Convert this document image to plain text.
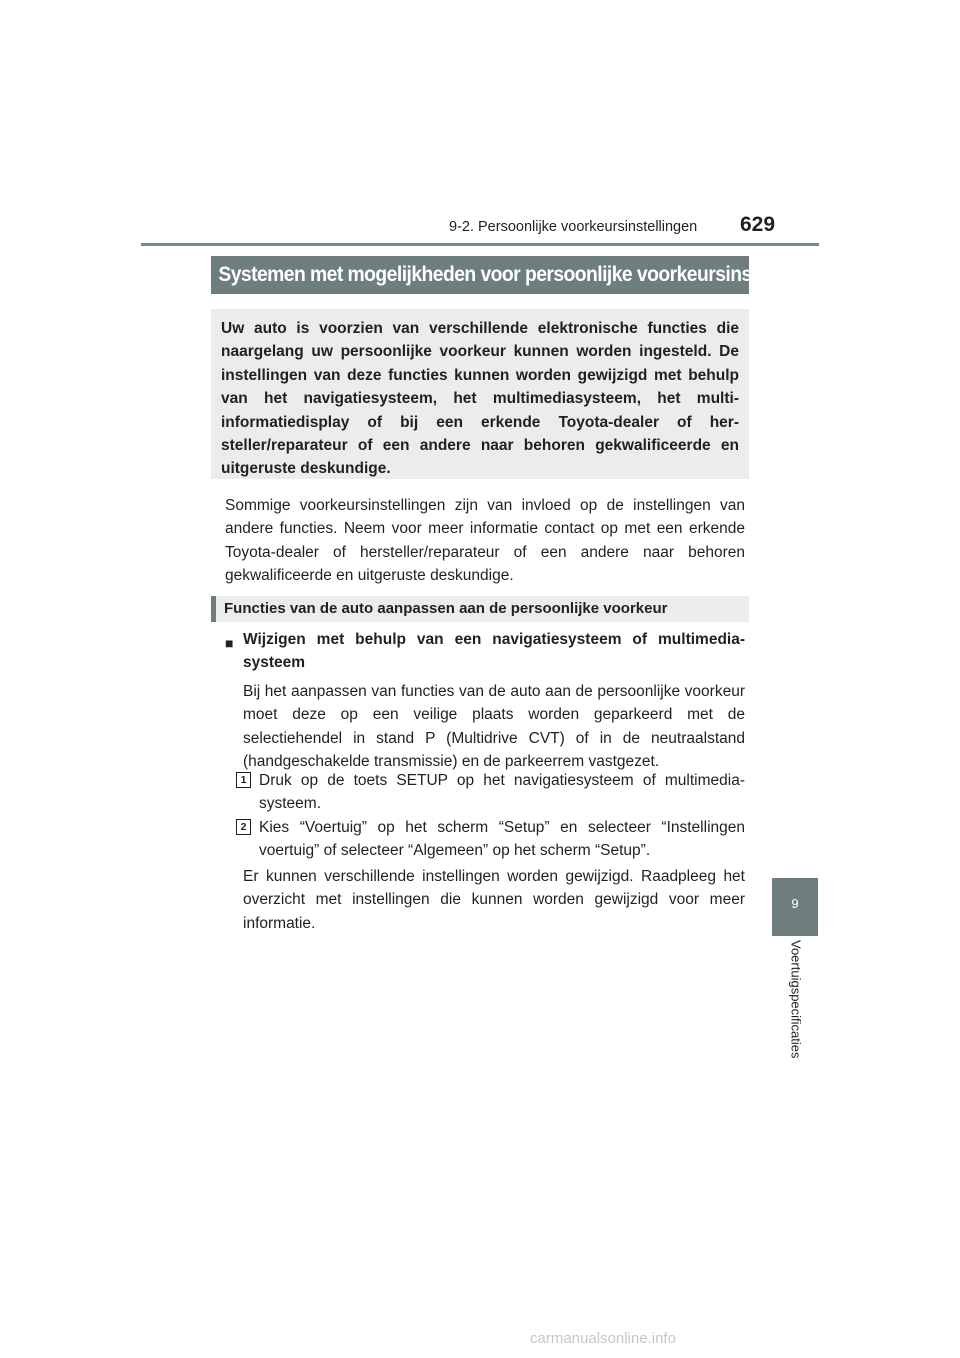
9-2. Persoonlijke voorkeursinstellingen 629
9
Voertuigspecificaties
Systemen met mogelijkheden voor persoonlijke voorkeursinstellingen

Uw auto is voorzien van verschillende elektronische functies die naargelang uw persoonlijke voorkeur kunnen worden ingesteld. De instellingen van deze functies kunnen worden gewijzigd met behulp van het navigatiesysteem, het multimediasysteem, het multi-informatiedisplay of bij een erkende Toyota-dealer of her-steller/reparateur of een andere naar behoren gekwalificeerde en uitgeruste deskundige.

Sommige voorkeursinstellingen zijn van invloed op de instellingen van andere functies. Neem voor meer informatie contact op met een erkende Toyota-dealer of hersteller/reparateur of een andere naar behoren gekwalificeerde en uitgeruste deskundige.

Functies van de auto aanpassen aan de persoonlijke voorkeur
■ Wijzigen met behulp van een navigatiesysteem of multimedia-systeem

Bij het aanpassen van functies van de auto aan de persoonlijke voorkeur moet deze op een veilige plaats worden geparkeerd met de selectiehendel in stand P (Multidrive CVT) of in de neutraalstand (handgeschakelde transmissie) en de parkeerrem vastgezet.

1 Druk op de toets SETUP op het navigatiesysteem of multimedia-systeem.

2 Kies “Voertuig” op het scherm “Setup” en selecteer “Instellingen voertuig” of selecteer “Algemeen” op het scherm “Setup”.

Er kunnen verschillende instellingen worden gewijzigd. Raadpleeg het overzicht met instellingen die kunnen worden gewijzigd voor meer informatie.

carmanualsonline.info
